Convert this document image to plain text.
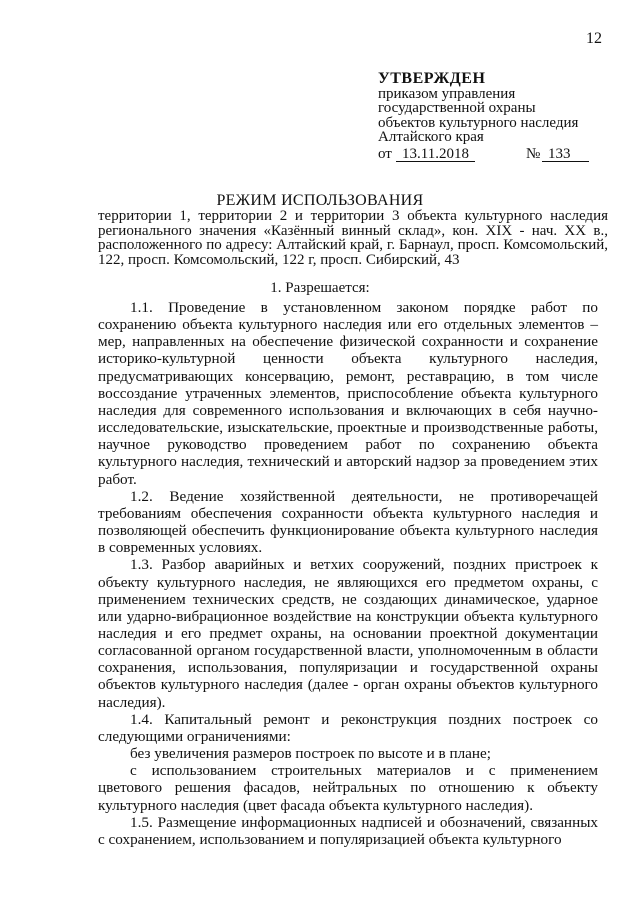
12
УТВЕРЖДЕН
приказом управления
государственной охраны
объектов культурного наследия
Алтайского края
от 13.11.2018	№ 133
РЕЖИМ ИСПОЛЬЗОВАНИЯ
территории 1, территории 2 и территории 3 объекта культурного наследия регионального значения «Казённый винный склад», кон. XIX - нач. XX в., расположенного по адресу: Алтайский край, г. Барнаул, просп. Комсомольский, 122, просп. Комсомольский, 122 г, просп. Сибирский, 43
1. Разрешается:

1.1. Проведение в установленном законом порядке работ по сохранению объекта культурного наследия или его отдельных элементов – мер, направленных на обеспечение физической сохранности и сохранение историко-культурной ценности объекта культурного наследия, предусматривающих консервацию, ремонт, реставрацию, в том числе воссоздание утраченных элементов, приспособление объекта культурного наследия для современного использования и включающих в себя научно-исследовательские, изыскательские, проектные и производственные работы, научное руководство проведением работ по сохранению объекта культурного наследия, технический и авторский надзор за проведением этих работ.

1.2. Ведение хозяйственной деятельности, не противоречащей требованиям обеспечения сохранности объекта культурного наследия и позволяющей обеспечить функционирование объекта культурного наследия в современных условиях.

1.3. Разбор аварийных и ветхих сооружений, поздних пристроек к объекту культурного наследия, не являющихся его предметом охраны, с применением технических средств, не создающих динамическое, ударное или ударно-вибрационное воздействие на конструкции объекта культурного наследия и его предмет охраны, на основании проектной документации согласованной органом государственной власти, уполномоченным в области сохранения, использования, популяризации и государственной охраны объектов культурного наследия (далее - орган охраны объектов культурного наследия).

1.4. Капитальный ремонт и реконструкция поздних построек со следующими ограничениями:

без увеличения размеров построек по высоте и в плане;

с использованием строительных материалов и с применением цветового решения фасадов, нейтральных по отношению к объекту культурного наследия (цвет фасада объекта культурного наследия).

1.5. Размещение информационных надписей и обозначений, связанных с сохранением, использованием и популяризацией объекта культурного
